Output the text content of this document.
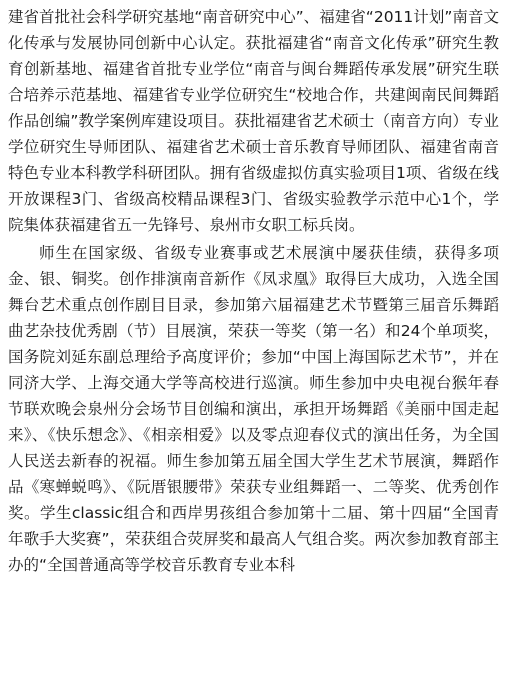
建省首批社会科学研究基地“南音研究中心”、福建省“2011计划”南音文化传承与发展协同创新中心认定。获批福建省“南音文化传承”研究生教育创新基地、福建省首批专业学位“南音与闽台舞蹈传承发展”研究生联合培养示范基地、福建省专业学位研究生“校地合作，共建闽南民间舞蹈作品创编”教学案例库建设项目。获批福建省艺术硕士（南音方向）专业学位研究生导师团队、福建省艺术硕士音乐教育导师团队、福建省南音特色专业本科教学科研团队。拥有省级虚拟仿真实验项目1项、省级在线开放课程3门、省级高校精品课程3门、省级实验教学示范中心1个，学院集体获福建省五一先锋号、泉州市女职工标兵岗。

师生在国家级、省级专业赛事或艺术展演中屡获佳绩，获得多项金、银、铜奖。创作排演南音新作《凤求凰》取得巨大成功，入选全国舞台艺术重点创作剧目目录，参加第六届福建艺术节暨第三届音乐舞蹈曲艺杂技优秀剧（节）目展演，荣获一等奖（第一名）和24个单项奖，国务院刘延东副总理给予高度评价；参加“中国上海国际艺术节”，并在同济大学、上海交通大学等高校进行巡演。师生参加中央电视台猴年春节联欢晚会泉州分会场节目创编和演出，承担开场舞蹈《美丽中国走起来》、《快乐想念》、《相亲相爱》以及零点迎春仪式的演出任务，为全国人民送去新春的祝福。师生参加第五届全国大学生艺术节展演，舞蹈作品《寒蝉蜕鸣》、《阮厝银腰带》荣获专业组舞蹈一、二等奖、优秀创作奖。学生classic组合和西岸男孩组合参加第十二届、第十四届“全国青年歌手大奖赛”，荣获组合荧屏奖和最高人气组合奖。两次参加教育部主办的“全国普通高等学校音乐教育专业本科
